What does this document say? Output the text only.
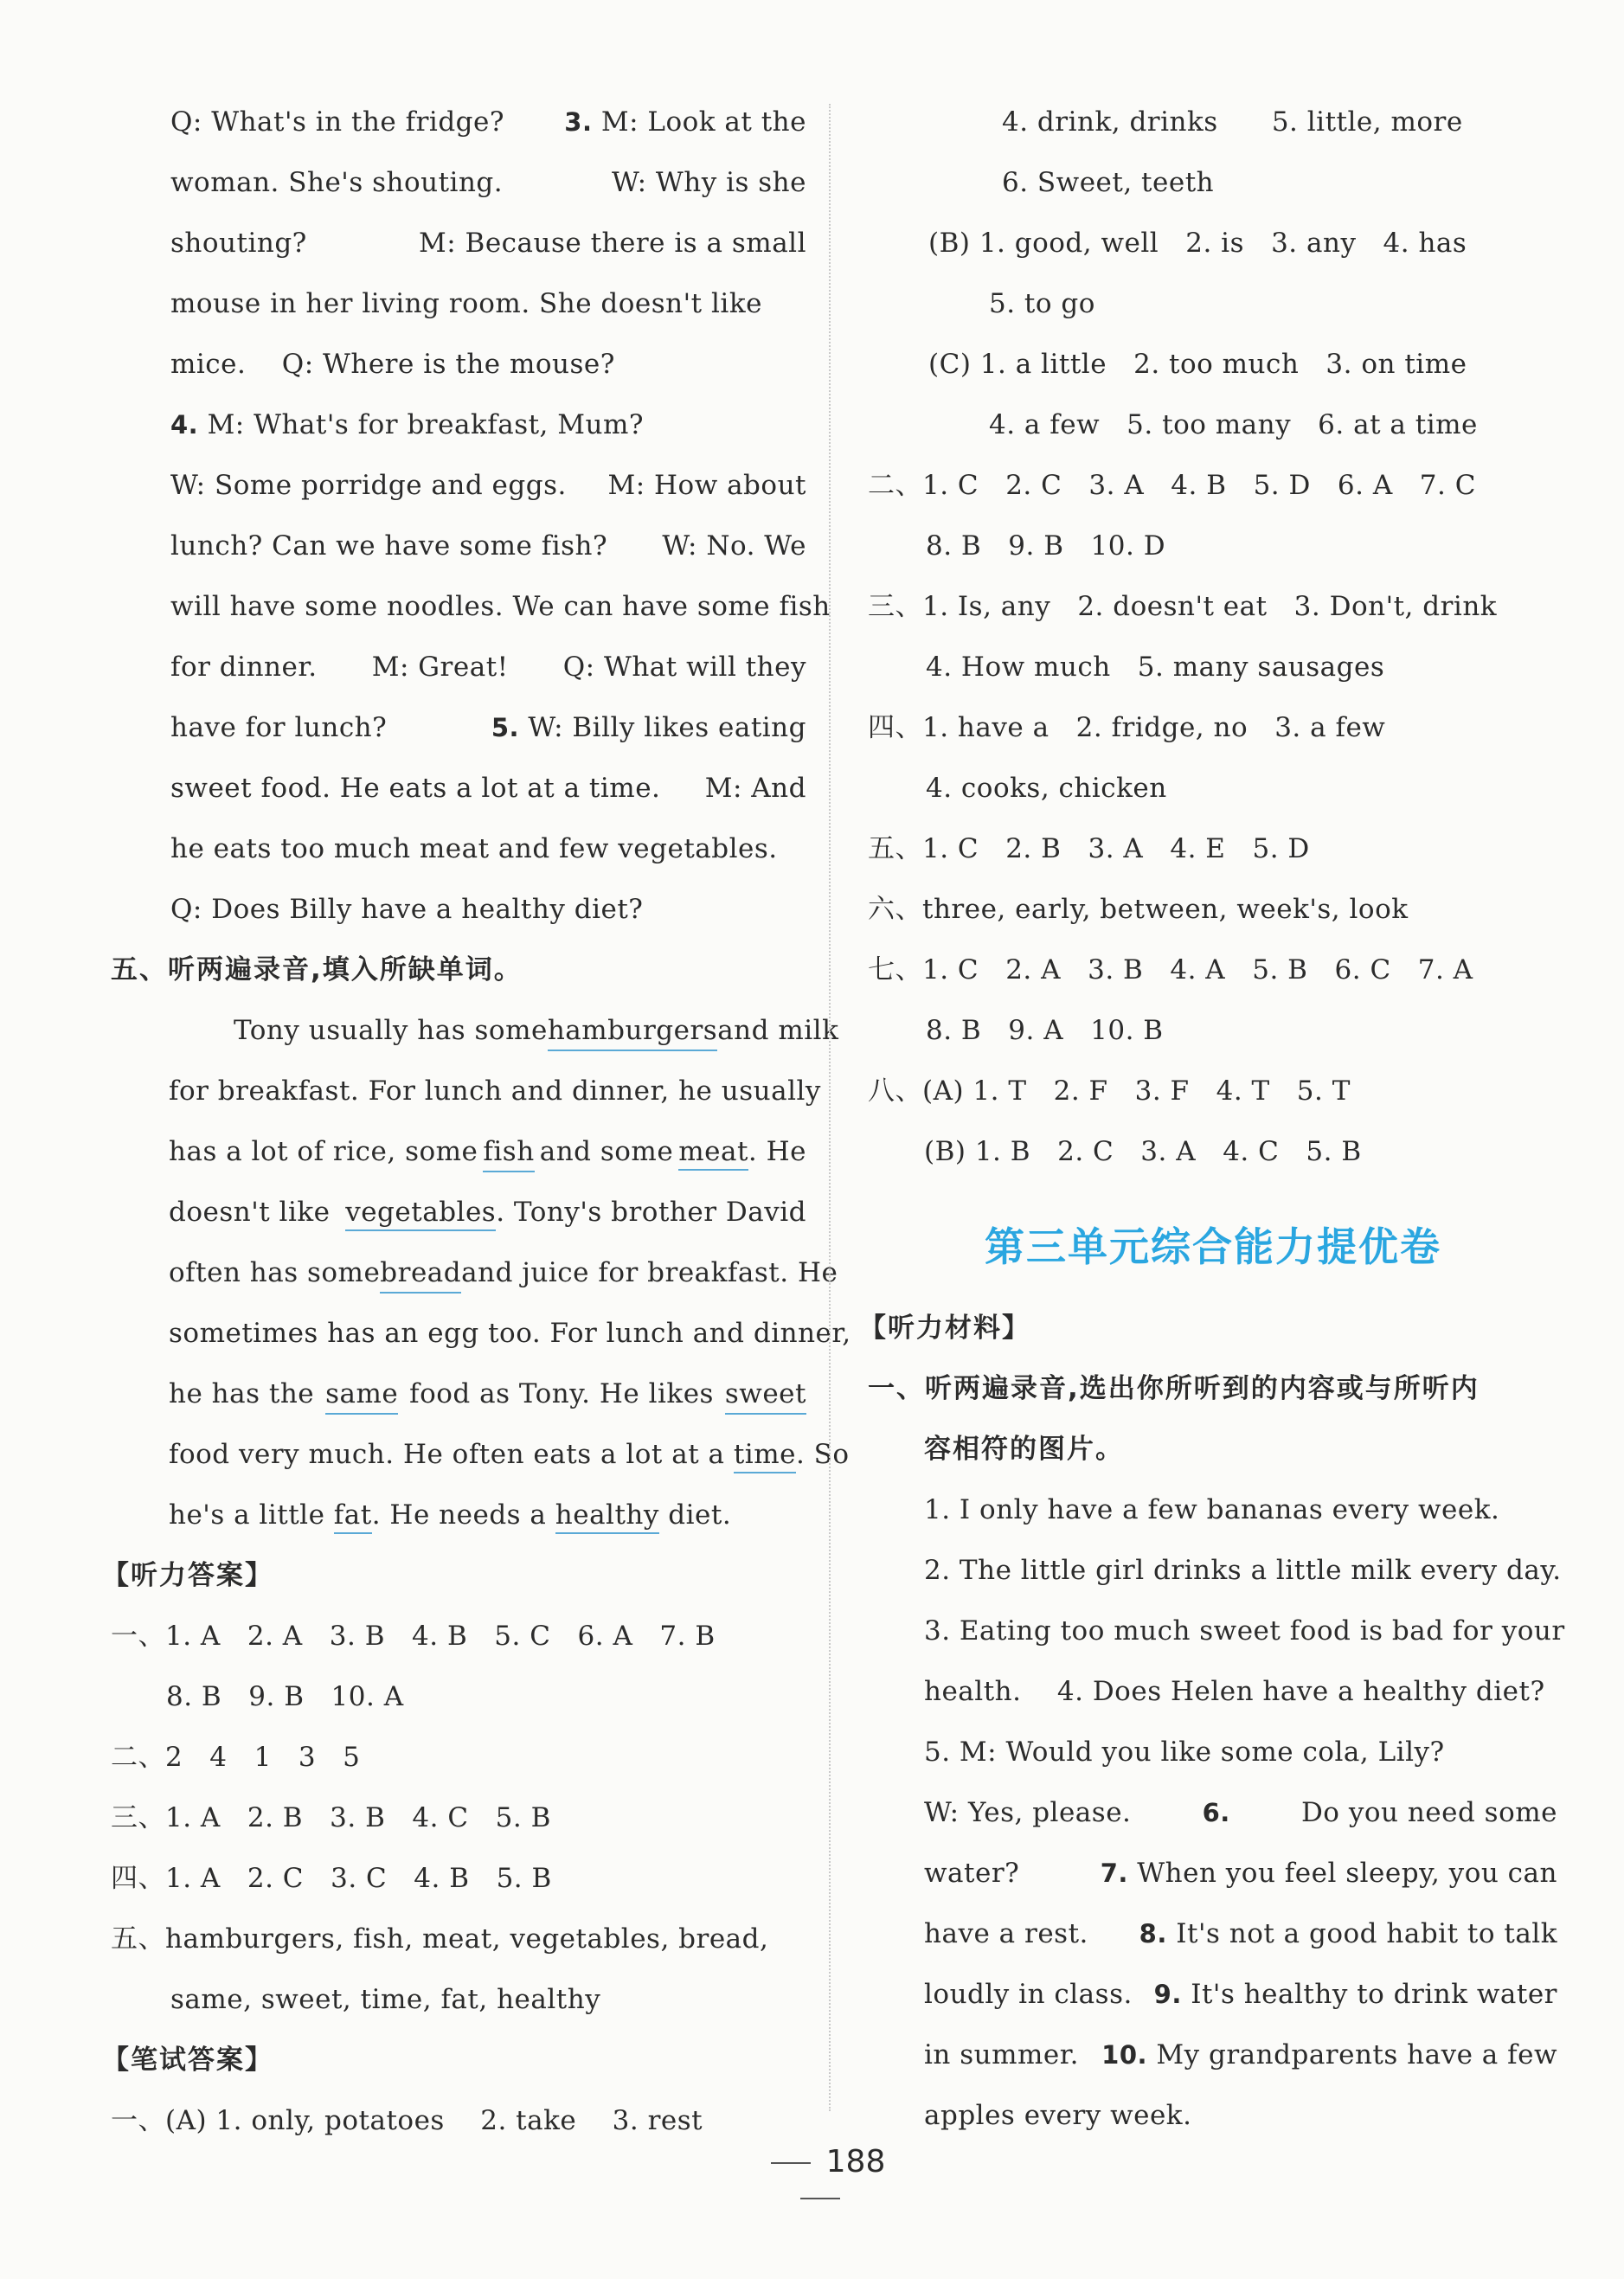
Q: What's in the fridge? 3. M: Look at the
woman. She's shouting.	W: Why is she
shouting?	M: Because there is a small
mouse in her living room. She doesn't like
mice.    Q: Where is the mouse?
4. M: What's for breakfast, Mum?
W: Some porridge and eggs. M: How about
lunch? Can we have some fish? W: No. We
will have some noodles. We can have some fish
for dinner. M: Great! Q: What will they
have for lunch?	5. W: Billy likes eating
sweet food. He eats a lot at a time. M: And
he eats too much meat and few vegetables.
Q: Does Billy have a healthy diet?
五、听两遍录音,填入所缺单词。
Tony usually has some hamburgers and milk
for breakfast. For lunch and dinner, he usually
has a lot of rice, some fish and some meat. He
doesn't like vegetables. Tony's brother David
often has some bread and juice for breakfast. He
sometimes has an egg too. For lunch and dinner,
he has the same food as Tony. He likes sweet
food very much. He often eats a lot at a time . So
he's a little fat. He needs a healthy diet.
【听力答案】
一、1. A   2. A   3. B   4. B   5. C   6. A   7. B
8. B   9. B   10. A
二、2   4   1   3   5
三、1. A   2. B   3. B   4. C   5. B
四、1. A   2. C   3. C   4. B   5. B
五、hamburgers, fish, meat, vegetables, bread,
same, sweet, time, fat, healthy
【笔试答案】
一、(A) 1. only, potatoes    2. take    3. rest
4. drink, drinks      5. little, more
6. Sweet, teeth
(B) 1. good, well   2. is   3. any   4. has
5. to go
(C) 1. a little   2. too much   3. on time
4. a few   5. too many   6. at a time
二、1. C   2. C   3. A   4. B   5. D   6. A   7. C
8. B   9. B   10. D
三、1. Is, any   2. doesn't eat   3. Don't, drink
4. How much   5. many sausages
四、1. have a   2. fridge, no   3. a few
4. cooks, chicken
五、1. C   2. B   3. A   4. E   5. D
六、three, early, between, week's, look
七、1. C   2. A   3. B   4. A   5. B   6. C   7. A
8. B   9. A   10. B
八、(A) 1. T   2. F   3. F   4. T   5. T
(B) 1. B   2. C   3. A   4. C   5. B
第三单元综合能力提优卷
【听力材料】
一、听两遍录音,选出你所听到的内容或与所听内
容相符的图片。
1. I only have a few bananas every week.
2. The little girl drinks a little milk every day.
3. Eating too much sweet food is bad for your
health.    4. Does Helen have a healthy diet?
5. M: Would you like some cola, Lily?
W: Yes, please.	6.	Do you need some
water?	7. When you feel sleepy, you can
have a rest. 8. It's not a good habit to talk
loudly in class. 9. It's healthy to drink water
in summer. 10. My grandparents have a few
apples every week.
188
